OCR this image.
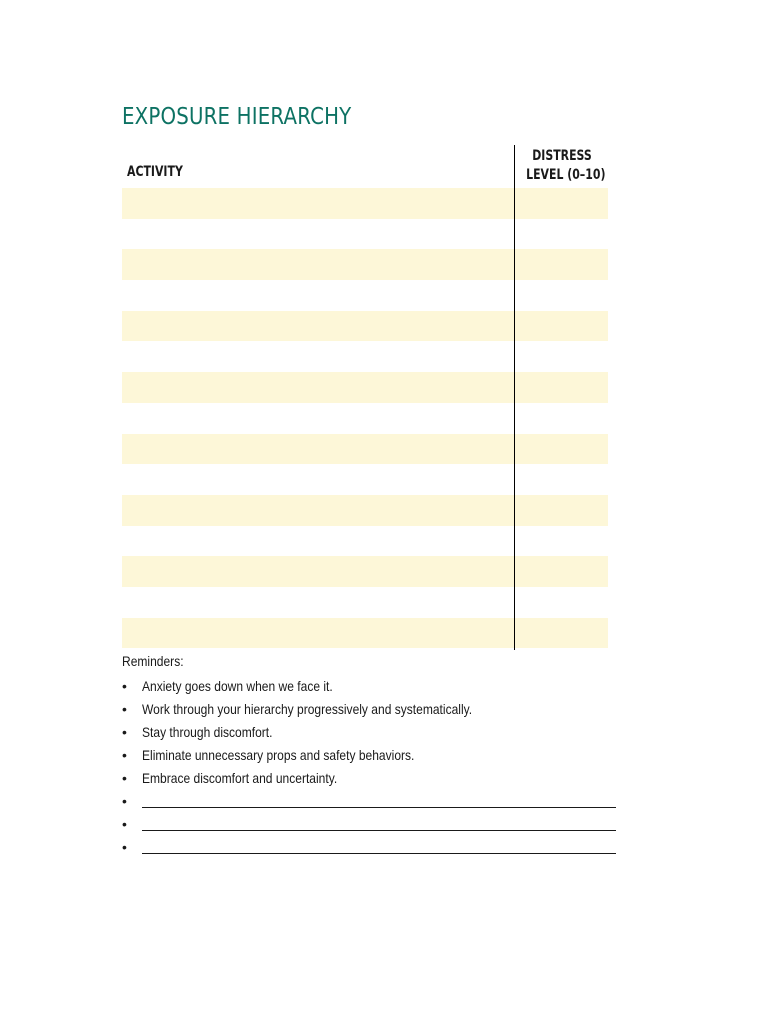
EXPOSURE HIERARCHY
ACTIVITY
DISTRESS
LEVEL (0–10)
Reminders:
• Anxiety goes down when we face it.
• Work through your hierarchy progressively and systematically.
• Stay through discomfort.
• Eliminate unnecessary props and safety behaviors.
• Embrace discomfort and uncertainty.
•
•
•
